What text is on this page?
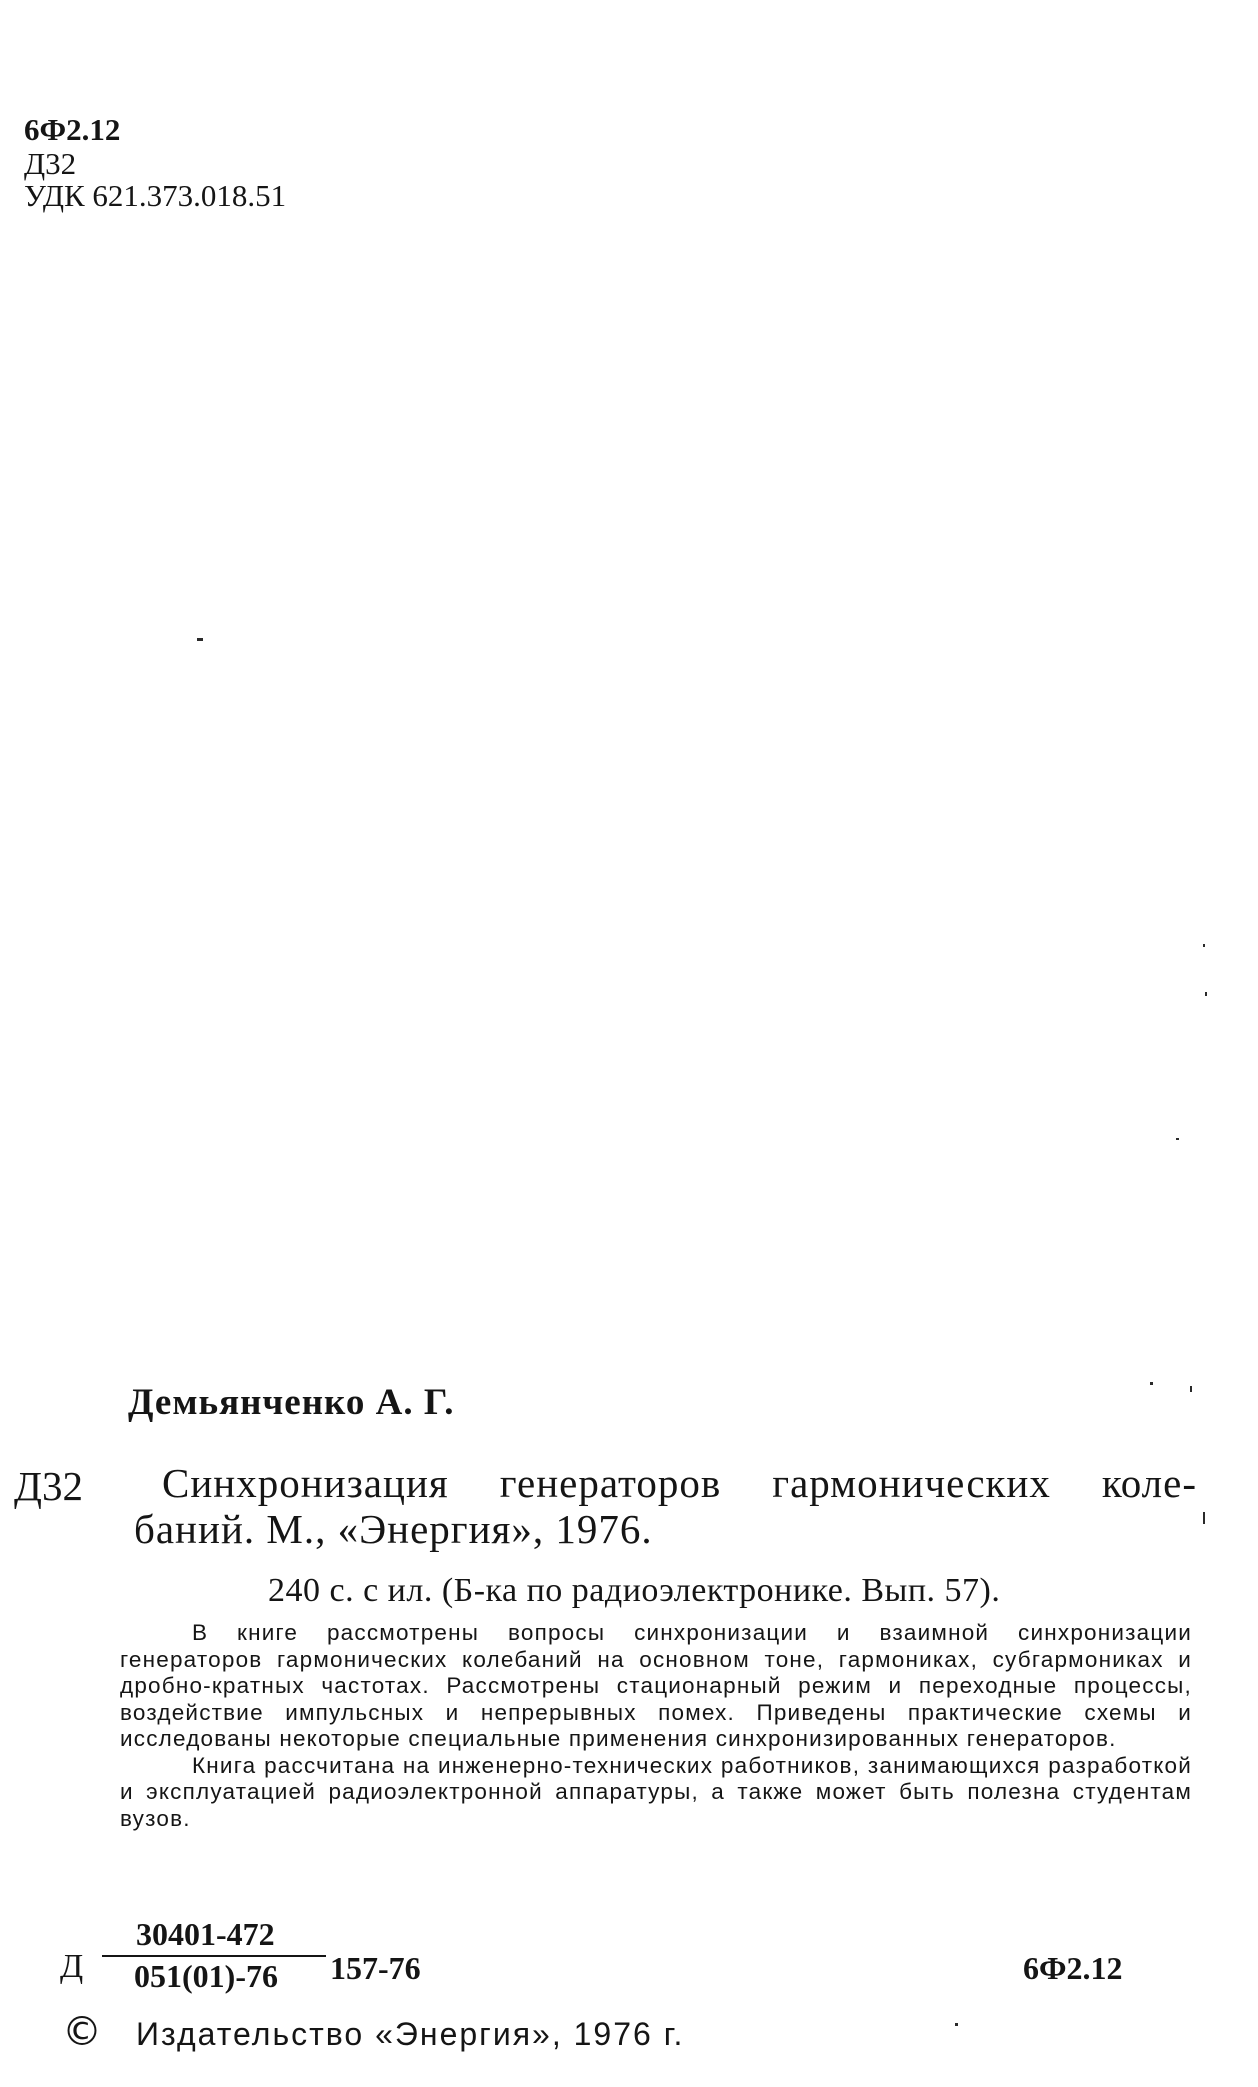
6Ф2.12
Д32
УДК 621.373.018.51
Демьянченко А. Г.
Д32 Синхронизация генераторов гармонических коле-
баний. М., «Энергия», 1976.
240 с. с ил. (Б-ка по радиоэлектронике. Вып. 57).

В книге рассмотрены вопросы синхронизации и взаимной синхронизации генераторов гармонических колебаний на основном тоне, гармониках, субгармониках и дробно-кратных частотах. Рассмотрены стационарный режим и переходные процессы, воздействие импульсных и непрерывных помех. Приведены практические схемы и исследованы некоторые специальные применения синхронизированных генераторов.

Книга рассчитана на инженерно-технических работников, занимающихся разработкой и эксплуатацией радиоэлектронной аппаратуры, а также может быть полезна студентам вузов.

Д
30401-472
051(01)-76 157-76	6Ф2.12
© Издательство «Энергия», 1976 г.
